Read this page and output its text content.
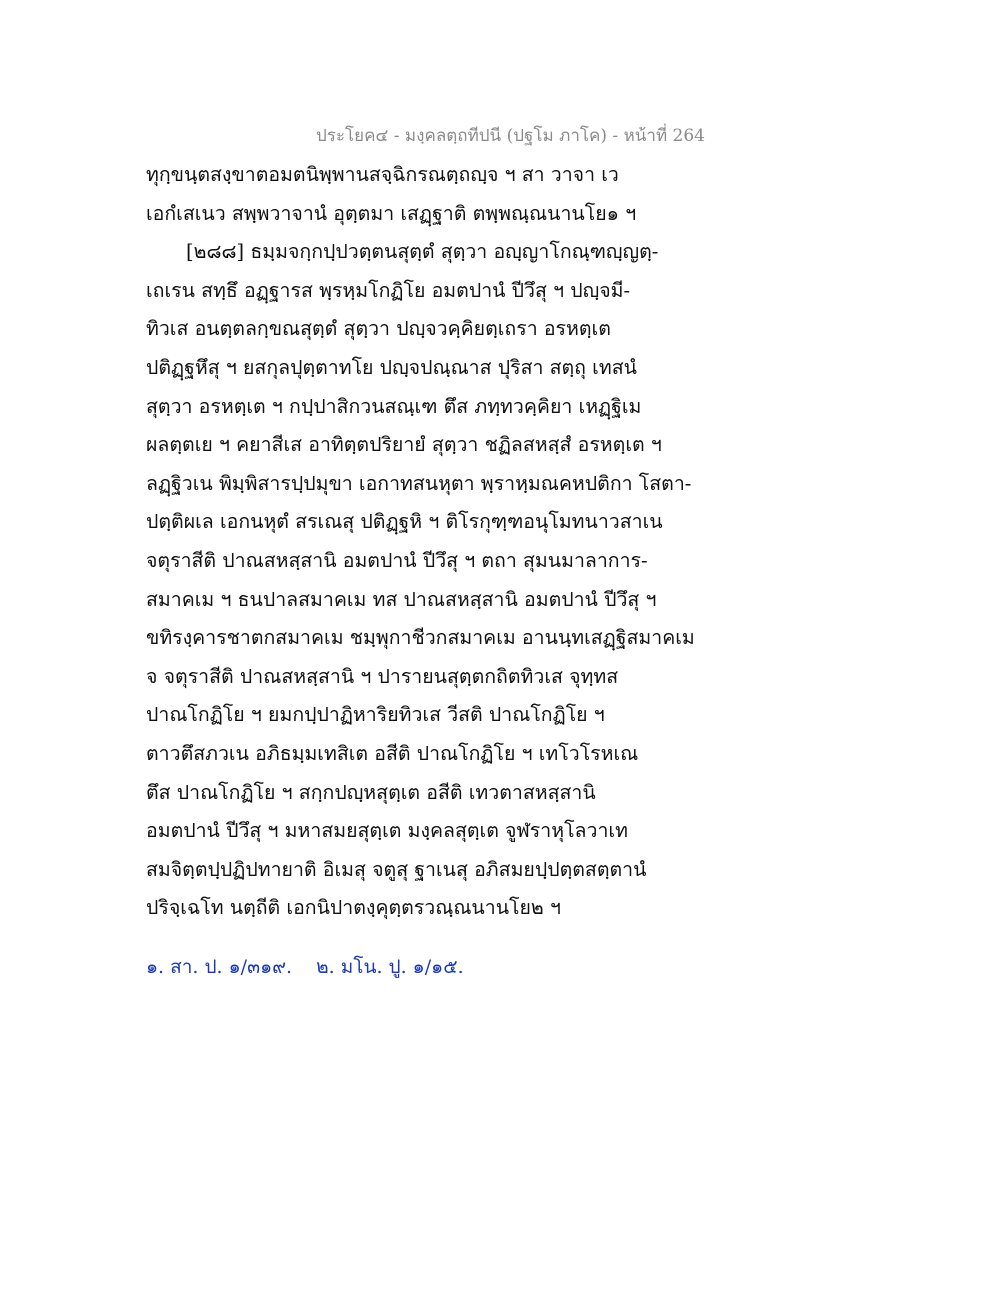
ประโยค๔ - มงฺคลตฺถทีปนี (ปฐโม ภาโค) - หน้าที่ 264
ทุกฺขนฺตสงฺขาตอมตนิพฺพานสจฺฉิกรณตฺถญฺจ ฯ สา วาจา เว
เอกํเสเนว สพฺพวาจานํ อุตฺตมา เสฏฺฐาติ ตพฺพณฺณนานโย๑ ฯ
[๒๘๘] ธมฺมจกฺกปฺปวตฺตนสุตฺตํ สุตฺวา อญฺญาโกณฺฑญฺญตฺ-
เถเรน สทฺธึ อฏฺฐารส พฺรหฺมโกฏิโย อมตปานํ ปีวึสุ ฯ ปญฺจมี-
ทิวเส อนตฺตลกฺขณสุตฺตํ สุตฺวา ปญฺจวคฺคิยตฺเถรา อรหตฺเต
ปติฏฺฐหึสุ ฯ ยสกุลปุตฺตาทโย ปญฺจปณฺณาส ปุริสา สตฺถุ เทสนํ
สุตฺวา อรหตฺเต ฯ กปฺปาสิกวนสณฺเฑ ตึส ภทฺทวคฺคิยา เหฏฺฐิเม
ผลตฺตเย ฯ คยาสีเส อาทิตฺตปริยายํ สุตฺวา ชฏิลสหสฺสํ อรหตฺเต ฯ
ลฏฺฐิวเน พิมฺพิสารปฺปมุขา เอกาทสนหุตา พฺราหฺมณคหปติกา โสตา-
ปตฺติผเล เอกนหุตํ สรเณสุ ปติฏฺฐหิ ฯ ติโรกุฑฺฑอนุโมทนาวสาเน
จตุราสีติ ปาณสหสฺสานิ อมตปานํ ปีวึสุ ฯ ตถา สุมนมาลาการ-
สมาคเม ฯ ธนปาลสมาคเม ทส ปาณสหสฺสานิ อมตปานํ ปีวึสุ ฯ
ขทิรงฺคารชาตกสมาคเม ชมฺพุกาชีวกสมาคเม อานนฺทเสฏฺฐิสมาคเม
จ จตุราสีติ ปาณสหสฺสานิ ฯ ปารายนสุตฺตกถิตทิวเส จุทฺทส
ปาณโกฏิโย ฯ ยมกปฺปาฏิหาริยทิวเส วีสติ ปาณโกฏิโย ฯ
ตาวตึสภวเน อภิธมฺมเทสิเต อสีติ ปาณโกฏิโย ฯ เทโวโรหเณ
ตึส ปาณโกฏิโย ฯ สกฺกปญฺหสุตฺเต อสีติ เทวตาสหสฺสานิ
อมตปานํ ปีวึสุ ฯ มหาสมยสุตฺเต มงฺคลสุตฺเต จูฬราหุโลวาเท
สมจิตฺตปฺปฏิปทายาติ อิเมสุ จตูสุ ฐาเนสุ อภิสมยปฺปตฺตสตฺตานํ
ปริจฺเฉโท นตฺถีติ เอกนิปาตงฺคุตฺตรวณฺณนานโย๒ ฯ
๑. สา. ป. ๑/๓๑๙. ๒. มโน. ปู. ๑/๑๕.
